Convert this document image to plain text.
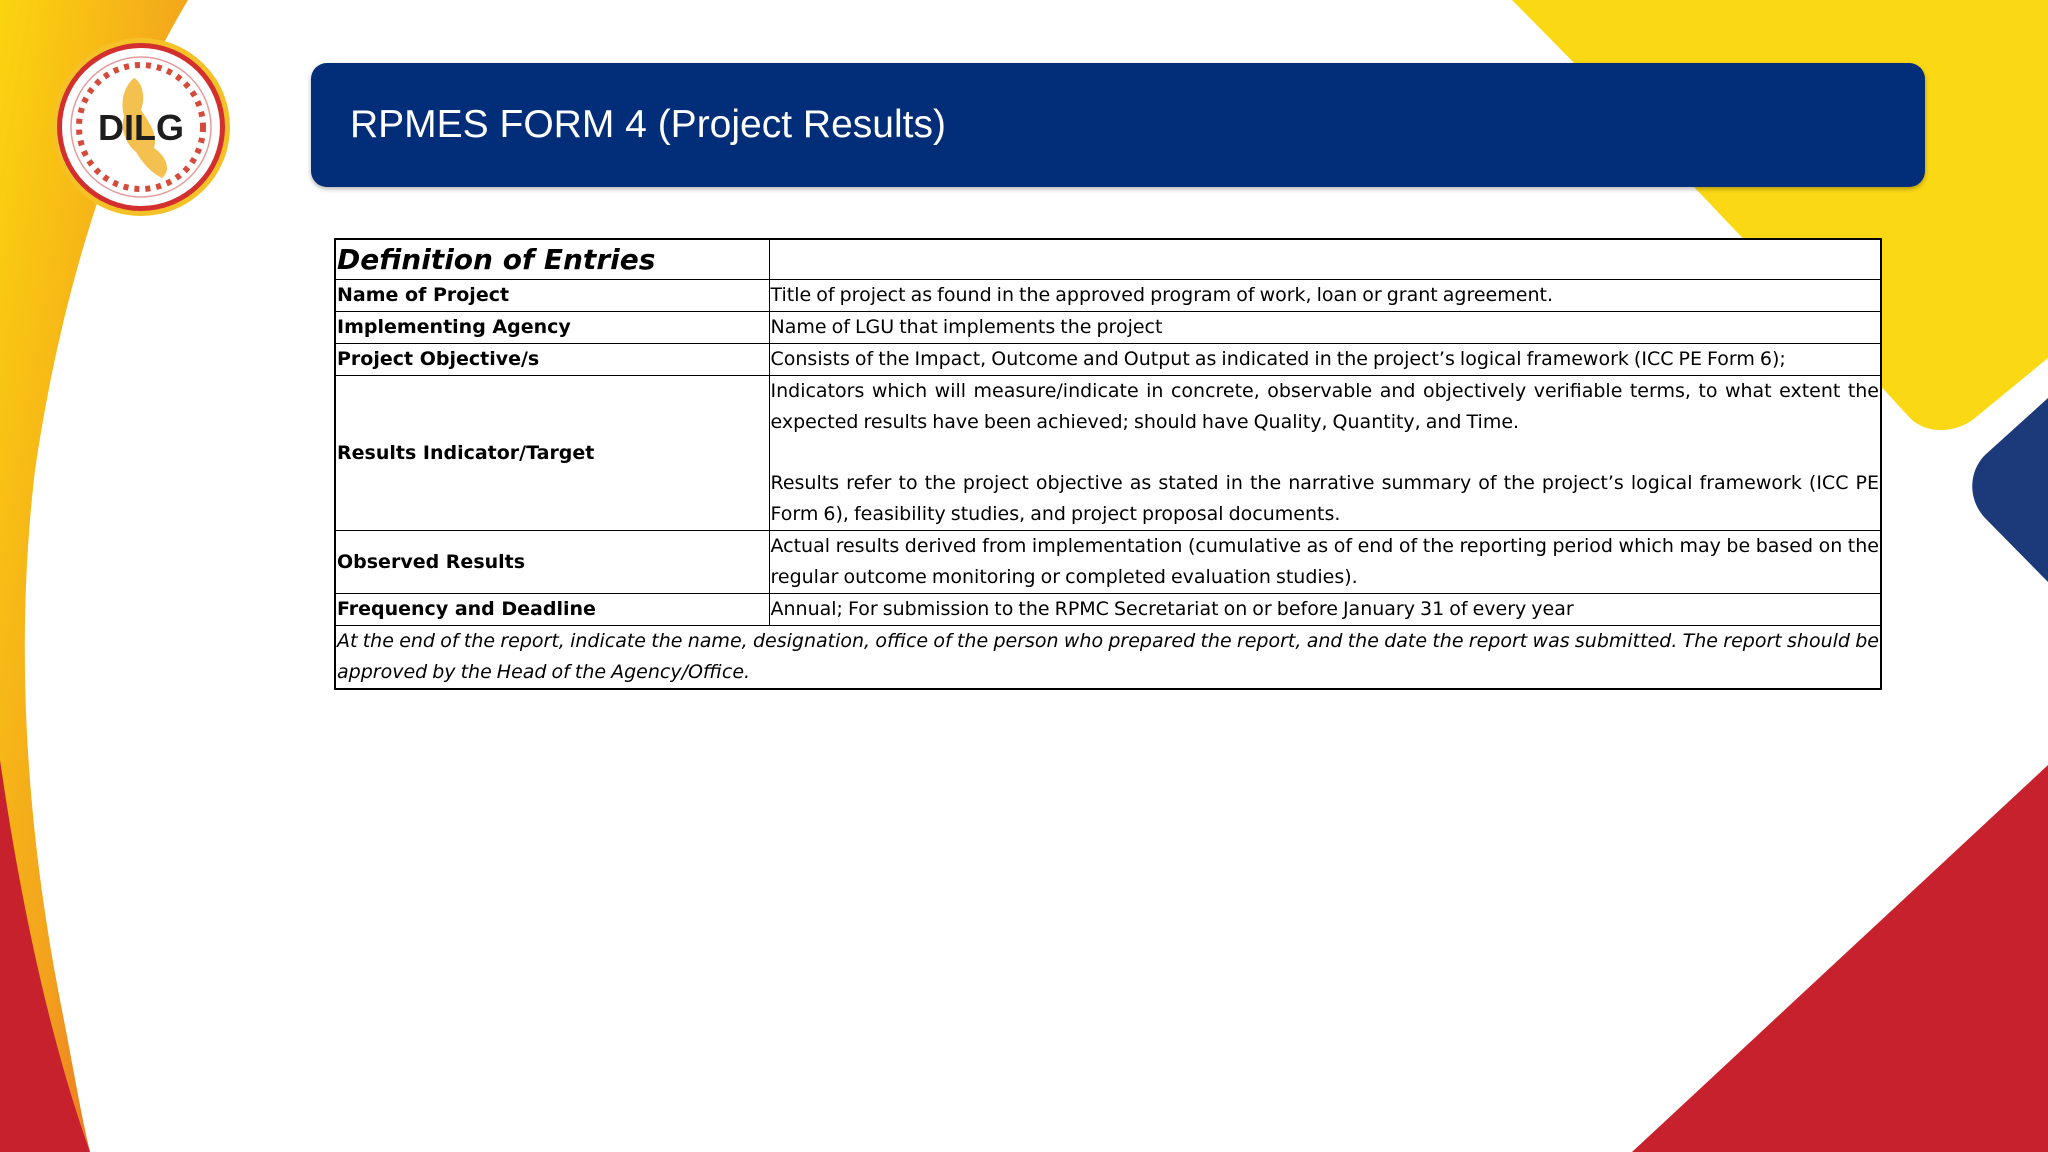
DILG	RPMES FORM 4 (Project Results)
Definition of Entries	
Name of Project	Title of project as found in the approved program of work, loan or grant agreement.
Implementing Agency	Name of LGU that implements the project
Project Objective/s	Consists of the Impact, Outcome and Output as indicated in the project’s logical framework (ICC PE Form 6);
Results Indicator/Target	Indicators which will measure/indicate in concrete, observable and objectively verifiable terms, to what extent the expected results have been achieved; should have Quality, Quantity, and Time.
Results refer to the project objective as stated in the narrative summary of the project’s logical framework (ICC PE Form 6), feasibility studies, and project proposal documents.

Observed Results	Actual results derived from implementation (cumulative as of end of the reporting period which may be based on the regular outcome monitoring or completed evaluation studies).
Frequency and Deadline	Annual; For submission to the RPMC Secretariat on or before January 31 of every year
At the end of the report, indicate the name, designation, office of the person who prepared the report, and the date the report was submitted. The report should be approved by the Head of the Agency/Office.	
